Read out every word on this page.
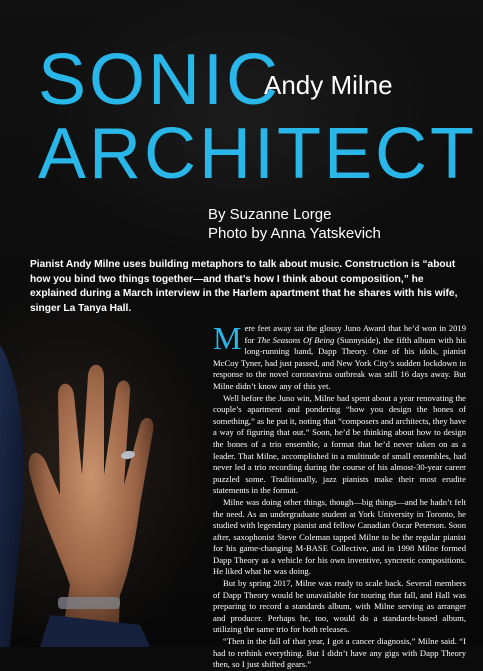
SONIC
ARCHITECT
Andy Milne
By Suzanne Lorge
Photo by Anna Yatskevich
Pianist Andy Milne uses building metaphors to talk about music. Construction is “about how you bind two things together—and that’s how I think about composition,” he explained during a March interview in the Harlem apartment that he shares with his wife, singer La Tanya Hall.

Mere feet away sat the glossy Juno Award that he’d won in 2019 for The Seasons Of Being (Sunnyside), the fifth album with his long-running band, Dapp Theory. One of his idols, pianist McCoy Tyner, had just passed, and New York City’s sudden lockdown in response to the novel coronavirus outbreak was still 16 days away. But Milne didn’t know any of this yet.

Well before the Juno win, Milne had spent about a year renovating the couple’s apartment and pondering “how you design the bones of something,” as he put it, noting that “composers and architects, they have a way of figuring that out.” Soon, he’d be thinking about how to design the bones of a trio ensemble, a format that he’d never taken on as a leader. That Milne, accomplished in a multitude of small ensembles, had never led a trio recording during the course of his almost-30-year career puzzled some. Traditionally, jazz pianists make their most erudite statements in the format.

Milne was doing other things, though—big things—and he hadn’t felt the need. As an undergraduate student at York University in Toronto, he studied with legendary pianist and fellow Canadian Oscar Peterson. Soon after, saxophonist Steve Coleman tapped Milne to be the regular pianist for his game-changing M-BASE Collective, and in 1998 Milne formed Dapp Theory as a vehicle for his own inventive, syncretic compositions. He liked what he was doing.

But by spring 2017, Milne was ready to scale back. Several members of Dapp Theory would be unavailable for touring that fall, and Hall was preparing to record a standards album, with Milne serving as arranger and producer. Perhaps he, too, would do a standards-based album, utilizing the same trio for both releases.

“Then in the fall of that year, I got a cancer diagnosis,” Milne said. “I had to rethink everything. But I didn’t have any gigs with Dapp Theory then, so I just shifted gears.”
